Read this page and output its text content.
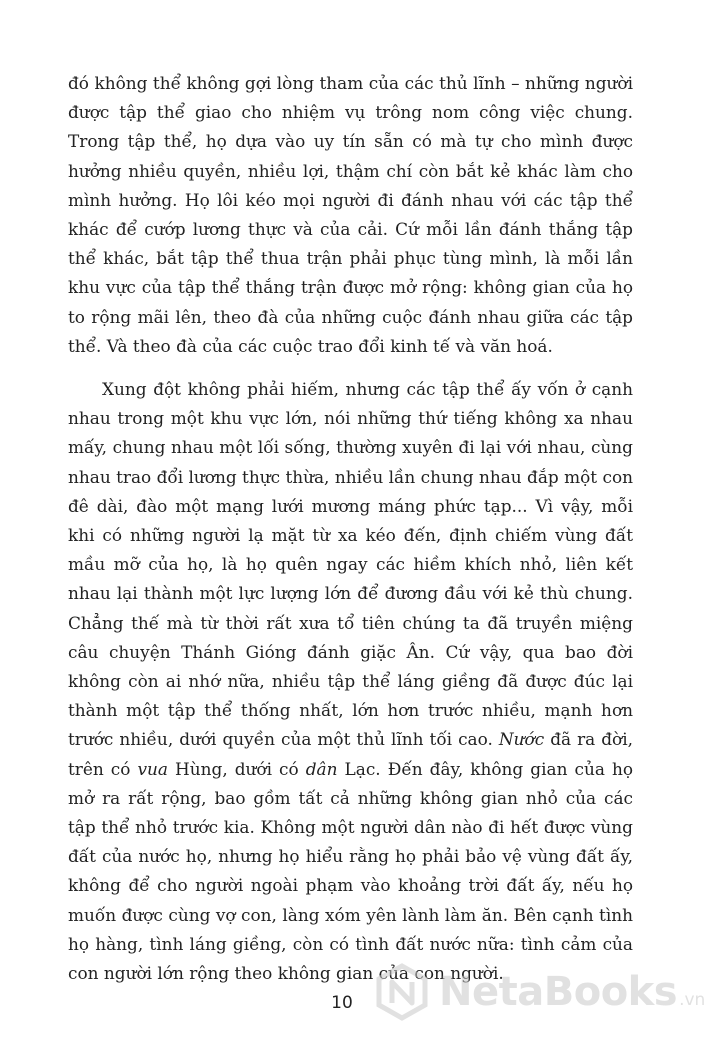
đó không thể không gợi lòng tham của các thủ lĩnh – những người được tập thể giao cho nhiệm vụ trông nom công việc chung. Trong tập thể, họ dựa vào uy tín sẵn có mà tự cho mình được hưởng nhiều quyền, nhiều lợi, thậm chí còn bắt kẻ khác làm cho mình hưởng. Họ lôi kéo mọi người đi đánh nhau với các tập thể khác để cướp lương thực và của cải. Cứ mỗi lần đánh thắng tập thể khác, bắt tập thể thua trận phải phục tùng mình, là mỗi lần khu vực của tập thể thắng trận được mở rộng: không gian của họ to rộng mãi lên, theo đà của những cuộc đánh nhau giữa các tập thể. Và theo đà của các cuộc trao đổi kinh tế và văn hoá.

Xung đột không phải hiếm, nhưng các tập thể ấy vốn ở cạnh nhau trong một khu vực lớn, nói những thứ tiếng không xa nhau mấy, chung nhau một lối sống, thường xuyên đi lại với nhau, cùng nhau trao đổi lương thực thừa, nhiều lần chung nhau đắp một con đê dài, đào một mạng lưới mương máng phức tạp... Vì vậy, mỗi khi có những người lạ mặt từ xa kéo đến, định chiếm vùng đất mầu mỡ của họ, là họ quên ngay các hiềm khích nhỏ, liên kết nhau lại thành một lực lượng lớn để đương đầu với kẻ thù chung. Chẳng thế mà từ thời rất xưa tổ tiên chúng ta đã truyền miệng câu chuyện Thánh Gióng đánh giặc Ân. Cứ vậy, qua bao đời không còn ai nhớ nữa, nhiều tập thể láng giềng đã được đúc lại thành một tập thể thống nhất, lớn hơn trước nhiều, mạnh hơn trước nhiều, dưới quyền của một thủ lĩnh tối cao. Nước đã ra đời, trên có vua Hùng, dưới có dân Lạc. Đến đây, không gian của họ mở ra rất rộng, bao gồm tất cả những không gian nhỏ của các tập thể nhỏ trước kia. Không một người dân nào đi hết được vùng đất của nước họ, nhưng họ hiểu rằng họ phải bảo vệ vùng đất ấy, không để cho người ngoài phạm vào khoảng trời đất ấy, nếu họ muốn được cùng vợ con, làng xóm yên lành làm ăn. Bên cạnh tình họ hàng, tình láng giềng, còn có tình đất nước nữa: tình cảm của con người lớn rộng theo không gian của con người.

10 NetaBooks .vn
